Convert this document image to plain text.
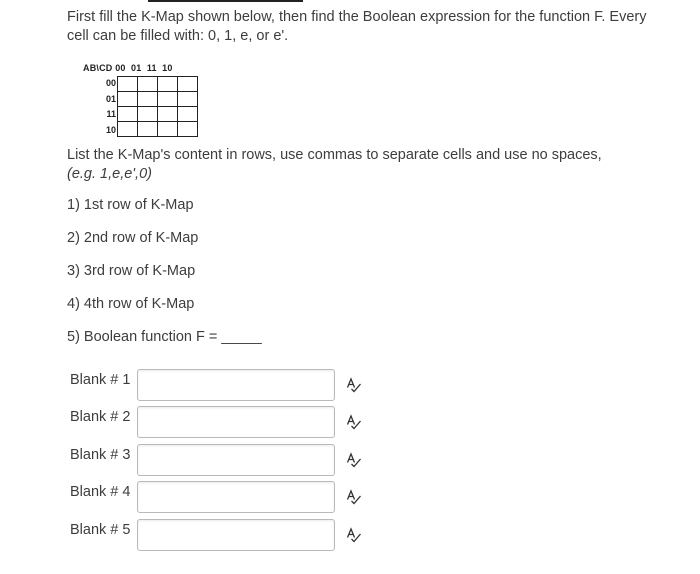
First fill the K-Map shown below, then find the Boolean expression for the function F. Every cell can be filled with: 0, 1, e, or e'.
AB\CD 00  01  11  10
00
01
11
10

List the K-Map's content in rows, use commas to separate cells and use no spaces,
(e.g. 1,e,e',0)
1) 1st row of K-Map
2) 2nd row of K-Map
3) 3rd row of K-Map
4) 4th row of K-Map
5) Boolean function F = _____
Blank # 1
Blank # 2
Blank # 3
Blank # 4
Blank # 5
